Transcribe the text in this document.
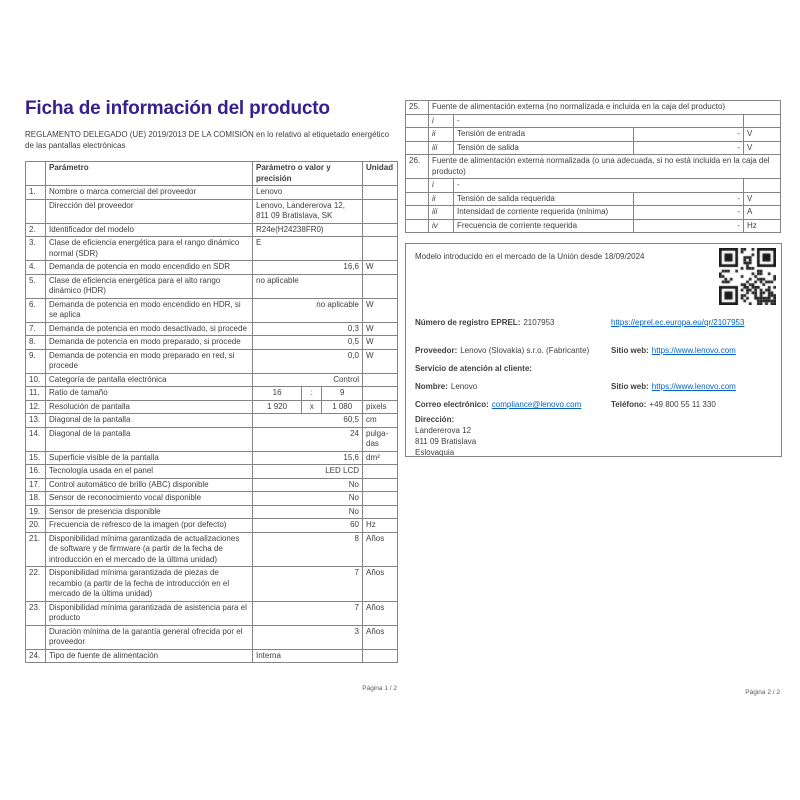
Ficha de información del producto
REGLAMENTO DELEGADO (UE) 2019/2013 DE LA COMISIÓN en lo relativo al etiquetado energético de las pantallas electrónicas
	Parámetro	Parámetro o valor y precisión	Unidad
1.	Nombre o marca comercial del proveedor	Lenovo	
	Dirección del proveedor	Lenovo, Landererova 12, 811 09 Bratislava, SK	
2.	Identificador del modelo	R24e(H24238FR0)	
3.	Clase de eficiencia energética para el rango dinámico normal (SDR)	E	
4.	Demanda de potencia en modo encendido en SDR	16,6	W
5.	Clase de eficiencia energética para el alto rango dinámico (HDR)	no aplicable	
6.	Demanda de potencia en modo encendido en HDR, si se aplica	no aplicable	W
7.	Demanda de potencia en modo desactivado, si procede	0,3	W
8.	Demanda de potencia en modo preparado, si procede	0,5	W
9.	Demanda de potencia en modo preparado en red, si procede	0,0	W
10.	Categoría de pantalla electrónica	Control	
11.	Ratio de tamaño	16 : 9	

12.	Resolución de pantalla	1 920 x 1 080	pixels
13.	Diagonal de la pantalla	60,5	cm
14.	Diagonal de la pantalla	24	pulga-das
15.	Superficie visible de la pantalla	15,6	dm²
16.	Tecnología usada en el panel	LED LCD	
17.	Control automático de brillo (ABC) disponible	No	
18.	Sensor de reconocimiento vocal disponible	No	
19.	Sensor de presencia disponible	No	
20.	Frecuencia de refresco de la imagen (por defecto)	60	Hz
21.	Disponibilidad mínima garantizada de actualizaciones de software y de firmware (a partir de la fecha de introducción en el mercado de la última unidad)	8	Años
22.	Disponibilidad mínima garantizada de piezas de recambio (a partir de la fecha de introducción en el mercado de la última unidad)	7	Años
23.	Disponibilidad mínima garantizada de asistencia para el producto	7	Años
	Duración mínima de la garantía general ofrecida por el proveedor	3	Años
24.	Tipo de fuente de alimentación	Interna	
Página 1 / 2
25.	Fuente de alimentación externa (no normalizada e incluida en la caja del producto)			
	i	-		
	ii	Tensión de entrada	-	V
	iii	Tensión de salida	-	V
26.	Fuente de alimentación externa normalizada (o una adecuada, si no está incluida en la caja del producto)			
	i	-		
	ii	Tensión de salida requerida	-	V
	iii	Intensidad de corriente requerida (mínima)	-	A
	iv	Frecuencia de corriente requerida	-	Hz
Modelo introducido en el mercado de la Unión desde 18/09/2024
Número de registro EPREL: 2107953	https://eprel.ec.europa.eu/qr/2107953
Proveedor: Lenovo (Slovakia) s.r.o. (Fabricante)	Sitio web: https://www.lenovo.com
Servicio de atención al cliente:
Nombre: Lenovo	Sitio web: https://www.lenovo.com
Correo electrónico: compliance@lenovo.com	Teléfono: +49 800 55 11 330
Dirección:
Landererova 12
811 09 Bratislava
Eslovaquia
Página 2 / 2
